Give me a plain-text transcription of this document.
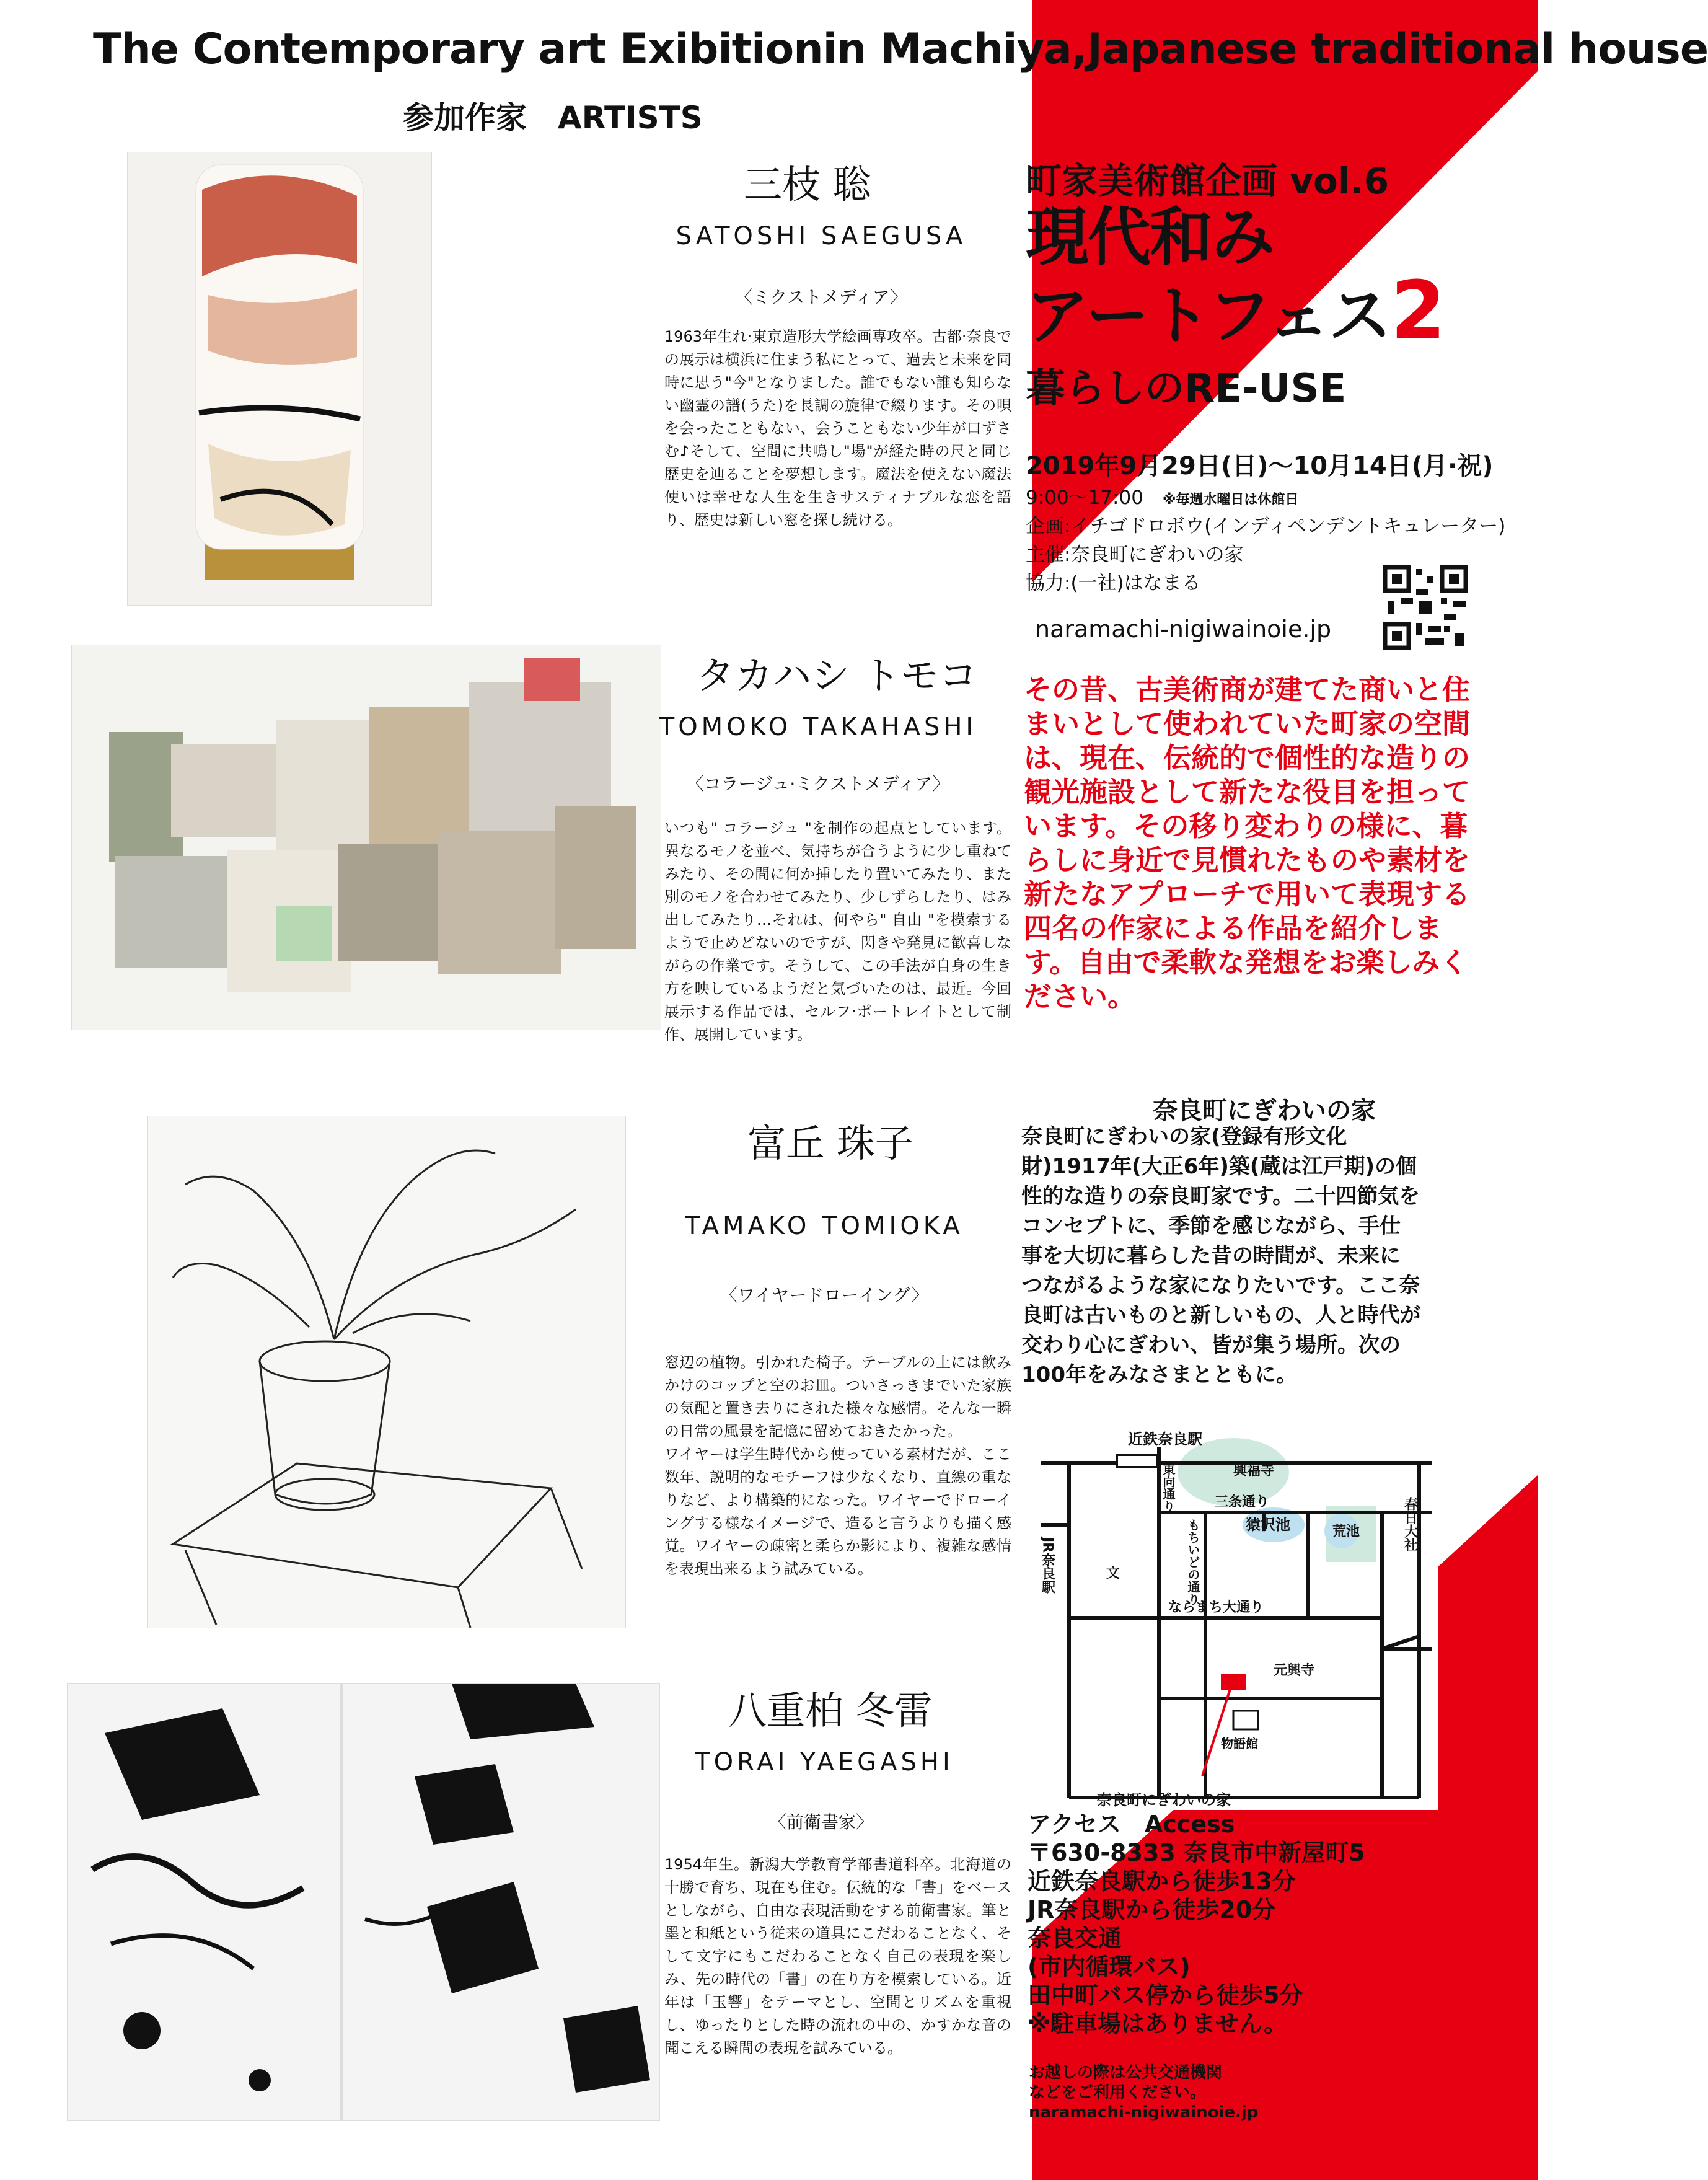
The Contemporary art Exibitionin Machiya,Japanese traditional house
参加作家　ARTISTS
三枝 聡
SATOSHI SAEGUSA
〈ミクストメディア〉
1963年生れ·東京造形大学絵画専攻卒。古都·奈良での展示は横浜に住まう私にとって、過去と未来を同時に思う"今"となりました。誰でもない誰も知らない幽霊の譜(うた)を長調の旋律で綴ります。その唄を会ったこともない、会うこともない少年が口ずさむ♪そして、空間に共鳴し"場"が経た時の尺と同じ歴史を辿ることを夢想します。魔法を使えない魔法使いは幸せな人生を生きサスティナブルな恋を語り、歴史は新しい窓を探し続ける。
タカハシ トモコ
TOMOKO TAKAHASHI
〈コラージュ·ミクストメディア〉
いつも" コラージュ "を制作の起点としています。異なるモノを並べ、気持ちが合うように少し重ねてみたり、その間に何か挿したり置いてみたり、また別のモノを合わせてみたり、少しずらしたり、はみ出してみたり…それは、何やら" 自由 "を模索するようで止めどないのですが、閃きや発見に歓喜しながらの作業です。そうして、この手法が自身の生き方を映しているようだと気づいたのは、最近。今回展示する作品では、セルフ·ポートレイトとして制作、展開しています。
富丘 珠子
TAMAKO TOMIOKA
〈ワイヤードローイング〉
窓辺の植物。引かれた椅子。テーブルの上には飲みかけのコップと空のお皿。ついさっきまでいた家族の気配と置き去りにされた様々な感情。そんな一瞬の日常の風景を記憶に留めておきたかった。
ワイヤーは学生時代から使っている素材だが、ここ数年、説明的なモチーフは少なくなり、直線の重なりなど、より構築的になった。ワイヤーでドローイングする様なイメージで、造ると言うよりも描く感覚。ワイヤーの疎密と柔らか影により、複雑な感情を表現出来るよう試みている。
八重柏 冬雷
TORAI YAEGASHI
〈前衛書家〉
1954年生。新潟大学教育学部書道科卒。北海道の十勝で育ち、現在も住む。伝統的な「書」をベースとしながら、自由な表現活動をする前衛書家。筆と墨と和紙という従来の道具にこだわることなく、そして文字にもこだわることなく自己の表現を楽しみ、先の時代の「書」の在り方を模索している。近年は「玉響」をテーマとし、空間とリズムを重視し、ゆったりとした時の流れの中の、かすかな音の聞こえる瞬間の表現を試みている。
町家美術館企画 vol.6
現代和み
アートフェス2
暮らしのRE-USE
2019年9月29日(日)～10月14日(月·祝)
9:00～17:00　 ※毎週水曜日は休館日
企画:イチゴドロボウ(インディペンデントキュレーター)
主催:奈良町にぎわいの家
協力:(一社)はなまる
naramachi-nigiwainoie.jp
その昔、古美術商が建てた商いと住まいとして使われていた町家の空間は、現在、伝統的で個性的な造りの観光施設として新たな役目を担っています。その移り変わりの様に、暮らしに身近で見慣れたものや素材を新たなアプローチで用いて表現する四名の作家による作品を紹介します。自由で柔軟な発想をお楽しみください。
奈良町にぎわいの家
奈良町にぎわいの家(登録有形文化財)1917年(大正6年)築(蔵は江戸期)の個性的な造りの奈良町家です。二十四節気をコンセプトに、季節を感じながら、手仕事を大切に暮らした昔の時間が、未来につながるような家になりたいです。ここ奈良町は古いものと新しいもの、人と時代が交わり心にぎわい、皆が集う場所。次の100年をみなさまとともに。
近鉄奈良駅
東向通り	興福寺
三条通り	春日大社
JR奈良駅
猿沢池	荒池
もちいどの通り
文
ならまち大通り
元興寺
物語館
奈良町にぎわいの家
アクセス　Access
〒630-8333 奈良市中新屋町5
近鉄奈良駅から徒歩13分
JR奈良駅から徒歩20分
奈良交通
(市内循環バス)
田中町バス停から徒歩5分
※駐車場はありません。
お越しの際は公共交通機関
などをご利用ください。
naramachi-nigiwainoie.jp
